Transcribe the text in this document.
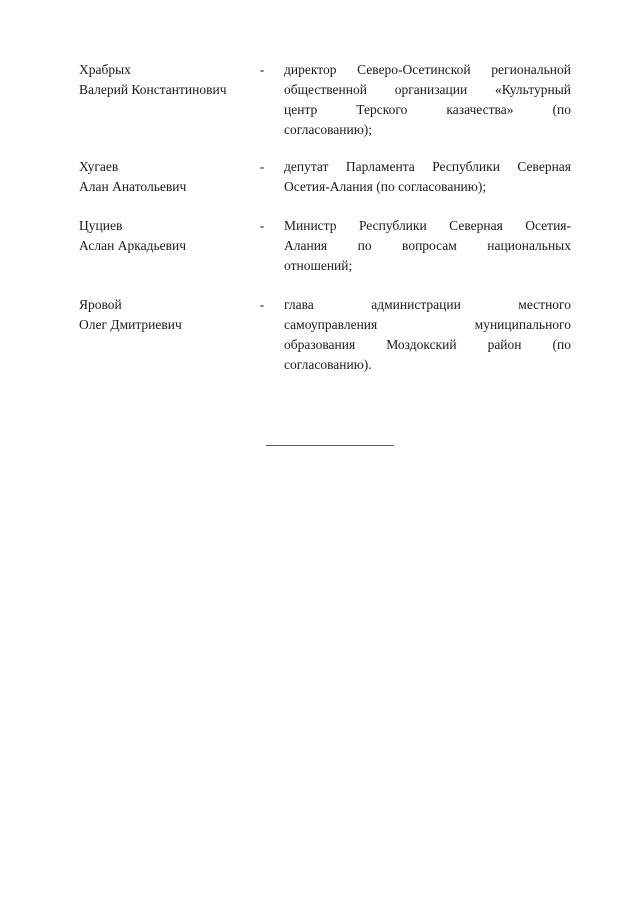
Храбрых
Валерий Константинович
- директор Северо-Осетинской региональной
общественной организации «Культурный
центр Терского казачества» (по
согласованию);
Хугаев
Алан Анатольевич
- депутат Парламента Республики Северная
Осетия-Алания (по согласованию);
Цуциев
Аслан Аркадьевич
- Министр Республики Северная Осетия-
Алания по вопросам национальных
отношений;
Яровой
Олег Дмитриевич
- глава администрации местного
самоуправления муниципального
образования Моздокский район (по
согласованию).
